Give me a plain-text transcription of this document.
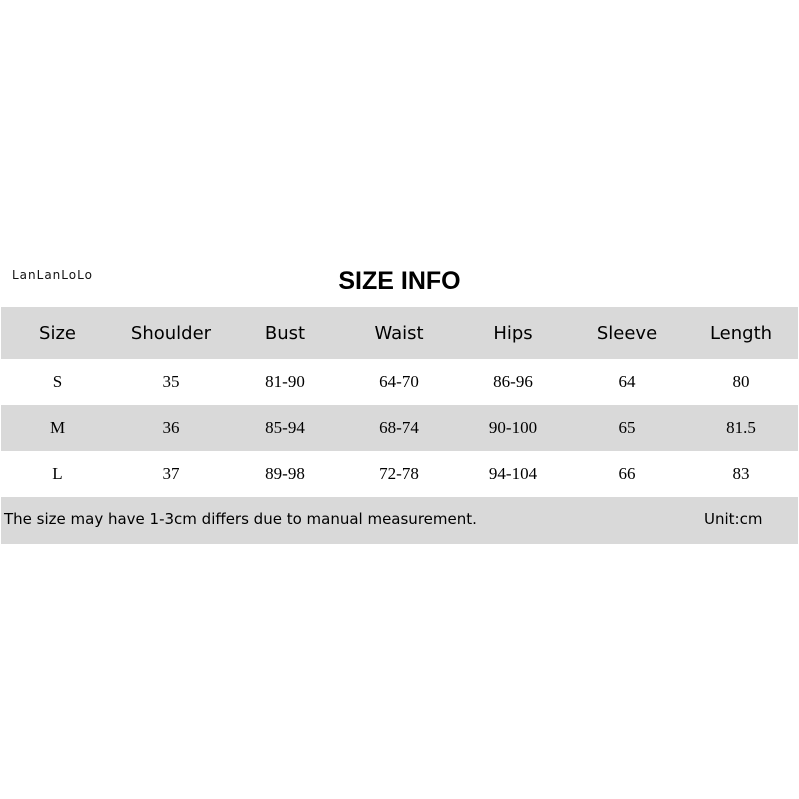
LanLanLoLo	SIZE INFO
Size	Shoulder	Bust	Waist	Hips	Sleeve	Length
S	35	81-90	64-70	86-96	64	80
M	36	85-94	68-74	90-100	65	81.5
L	37	89-98	72-78	94-104	66	83
The size may have 1-3cm differs due to manual measurement.	Unit:cm
